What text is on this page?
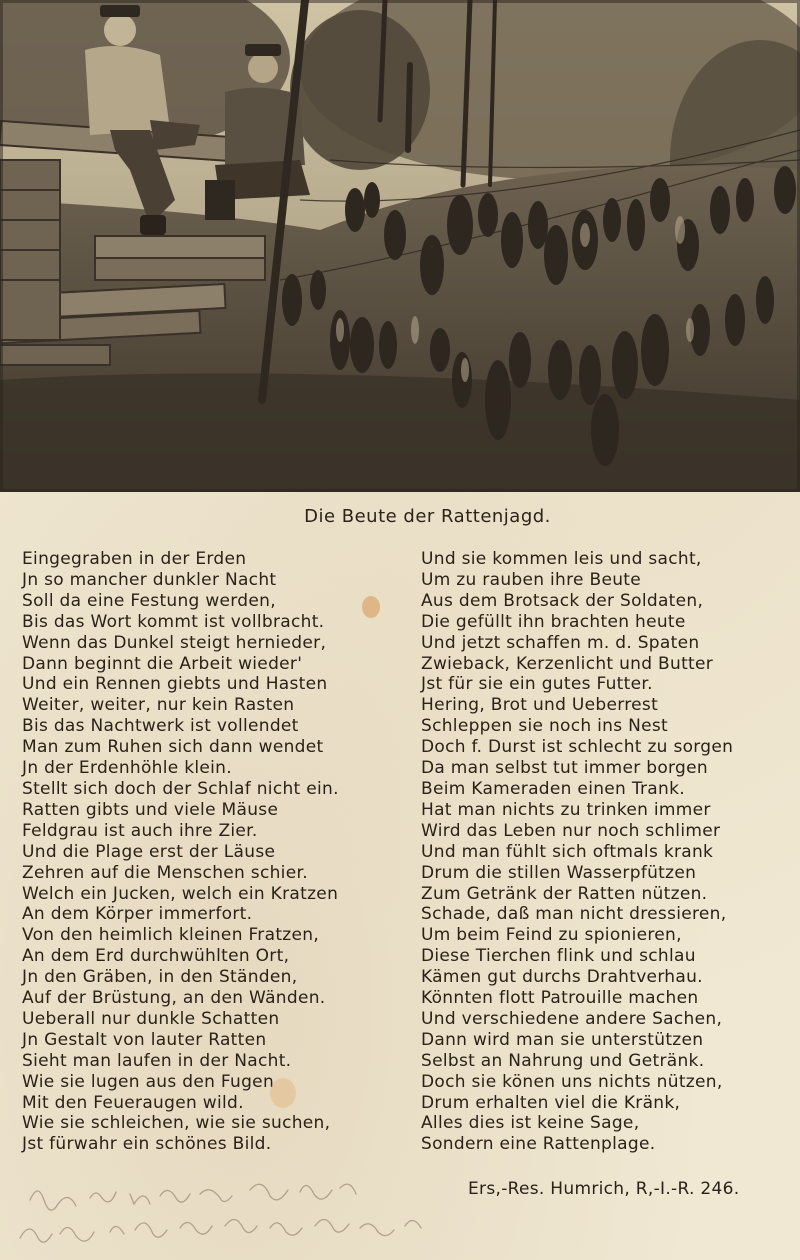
Die Beute der Rattenjagd.
Eingegraben in der Erden
Jn so mancher dunkler Nacht
Soll da eine Festung werden,
Bis das Wort kommt ist vollbracht.
Wenn das Dunkel steigt hernieder,
Dann beginnt die Arbeit wieder'
Und ein Rennen giebts und Hasten
Weiter, weiter, nur kein Rasten
Bis das Nachtwerk ist vollendet
Man zum Ruhen sich dann wendet
Jn der Erdenhöhle klein.
Stellt sich doch der Schlaf nicht ein.
Ratten gibts und viele Mäuse
Feldgrau ist auch ihre Zier.
Und die Plage erst der Läuse
Zehren auf die Menschen schier.
Welch ein Jucken, welch ein Kratzen
An dem Körper immerfort.
Von den heimlich kleinen Fratzen,
An dem Erd durchwühlten Ort,
Jn den Gräben, in den Ständen,
Auf der Brüstung, an den Wänden.
Ueberall nur dunkle Schatten
Jn Gestalt von lauter Ratten
Sieht man laufen in der Nacht.
Wie sie lugen aus den Fugen
Mit den Feueraugen wild.
Wie sie schleichen, wie sie suchen,
Jst fürwahr ein schönes Bild.
Und sie kommen leis und sacht,
Um zu rauben ihre Beute
Aus dem Brotsack der Soldaten,
Die gefüllt ihn brachten heute
Und jetzt schaffen m. d. Spaten
Zwieback, Kerzenlicht und Butter
Jst für sie ein gutes Futter.
Hering, Brot und Ueberrest
Schleppen sie noch ins Nest
Doch f. Durst ist schlecht zu sorgen
Da man selbst tut immer borgen
Beim Kameraden einen Trank.
Hat man nichts zu trinken immer
Wird das Leben nur noch schlimer
Und man fühlt sich oftmals krank
Drum die stillen Wasserpfützen
Zum Getränk der Ratten nützen.
Schade, daß man nicht dressieren,
Um beim Feind zu spionieren,
Diese Tierchen flink und schlau
Kämen gut durchs Drahtverhau.
Könnten flott Patrouille machen
Und verschiedene andere Sachen,
Dann wird man sie unterstützen
Selbst an Nahrung und Getränk.
Doch sie könen uns nichts nützen,
Drum erhalten viel die Kränk,
Alles dies ist keine Sage,
Sondern eine Rattenplage.
Ers,-Res. Humrich, R,-I.-R. 246.
